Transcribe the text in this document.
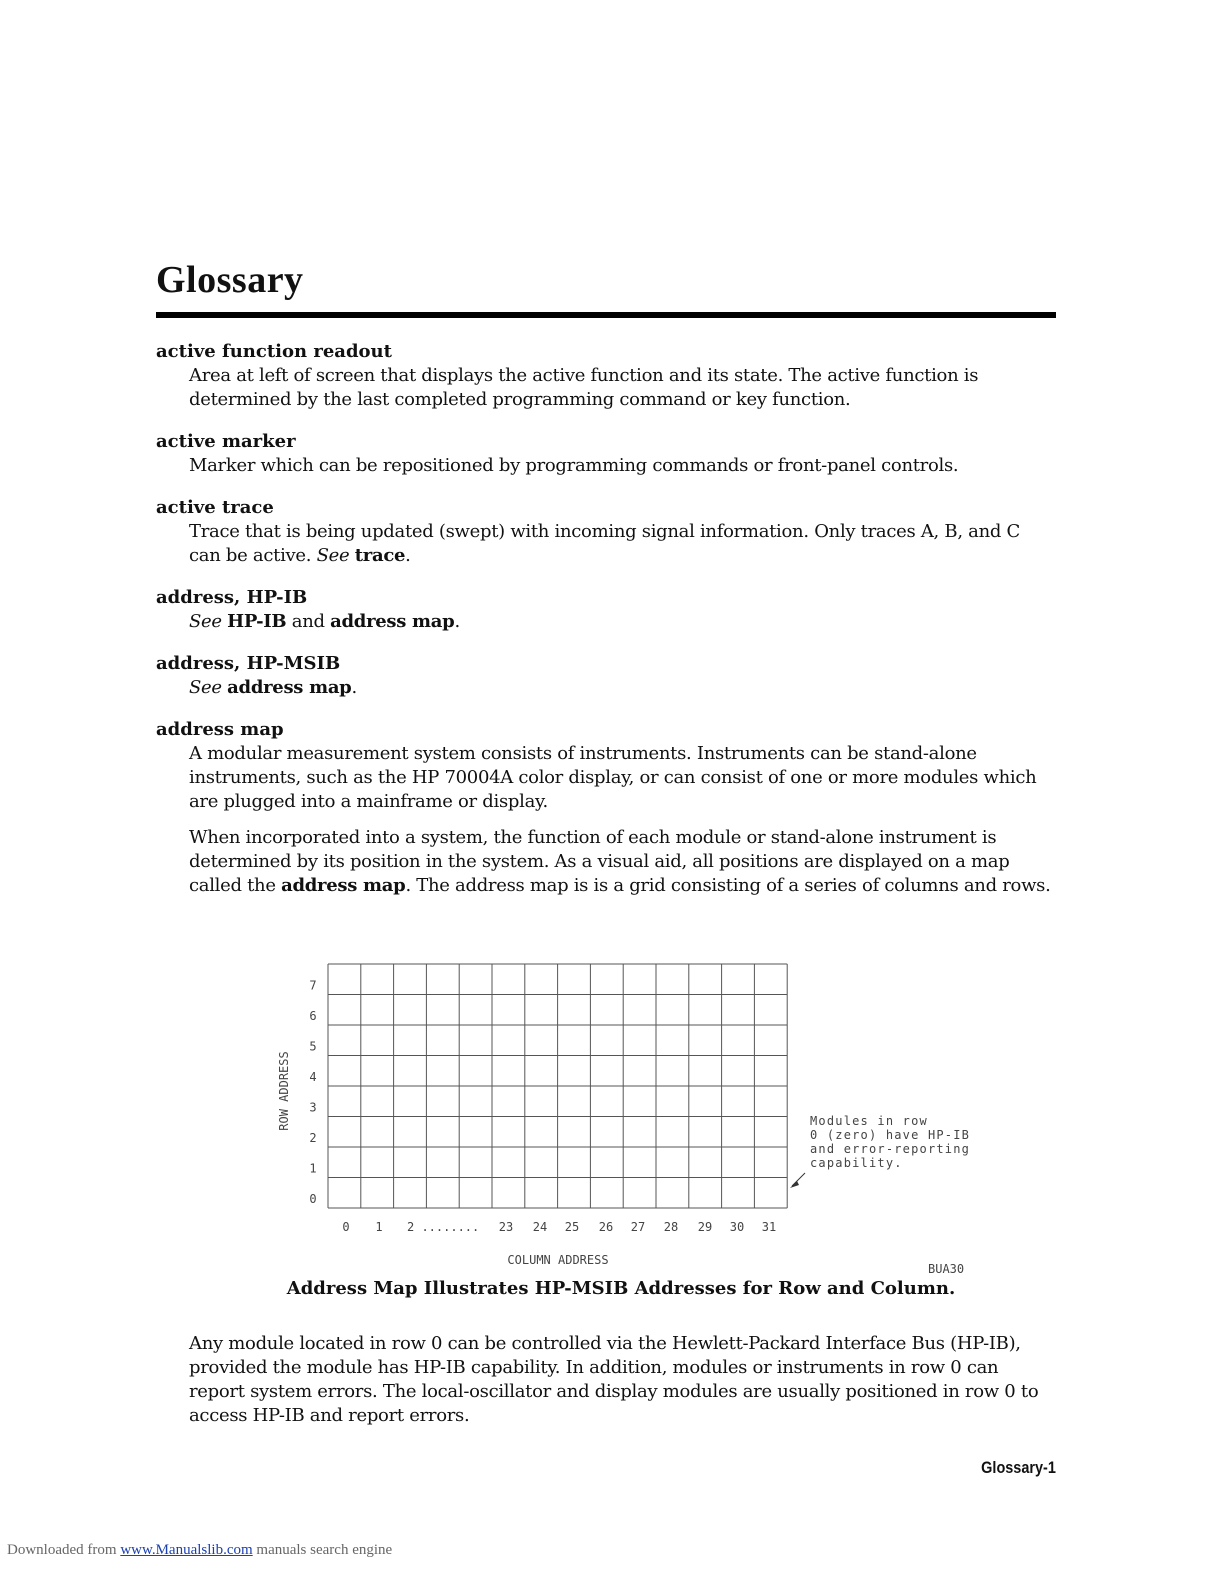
Glossary

active function readout

Area at left of screen that displays the active function and its state. The active function is determined by the last completed programming command or key function.

active marker

Marker which can be repositioned by programming commands or front-panel controls.

active trace

Trace that is being updated (swept) with incoming signal information. Only traces A, B, and C can be active. See trace.

address, HP-IB

See HP-IB and address map.

address, HP-MSIB

See address map.

address map

A modular measurement system consists of instruments. Instruments can be stand-alone instruments, such as the HP 70004A color display, or can consist of one or more modules which are plugged into a mainframe or display.

When incorporated into a system, the function of each module or stand-alone instrument is determined by its position in the system. As a visual aid, all positions are displayed on a map called the address map. The address map is is a grid consisting of a series of columns and rows.

ROW ADDRESS
COLUMN ADDRESS
Modules in row
0 (zero) have HP-IB
and error-reporting
capability.
BUA30
0
1
2
3
4
5
6
7
0 1 2 ........ 23 24 25 26 27 28 29 30 31

Address Map Illustrates HP-MSIB Addresses for Row and Column.

Any module located in row 0 can be controlled via the Hewlett-Packard Interface Bus (HP-IB), provided the module has HP-IB capability. In addition, modules or instruments in row 0 can report system errors. The local-oscillator and display modules are usually positioned in row 0 to access HP-IB and report errors.

Glossary-1

Downloaded from www.Manualslib.com manuals search engine
